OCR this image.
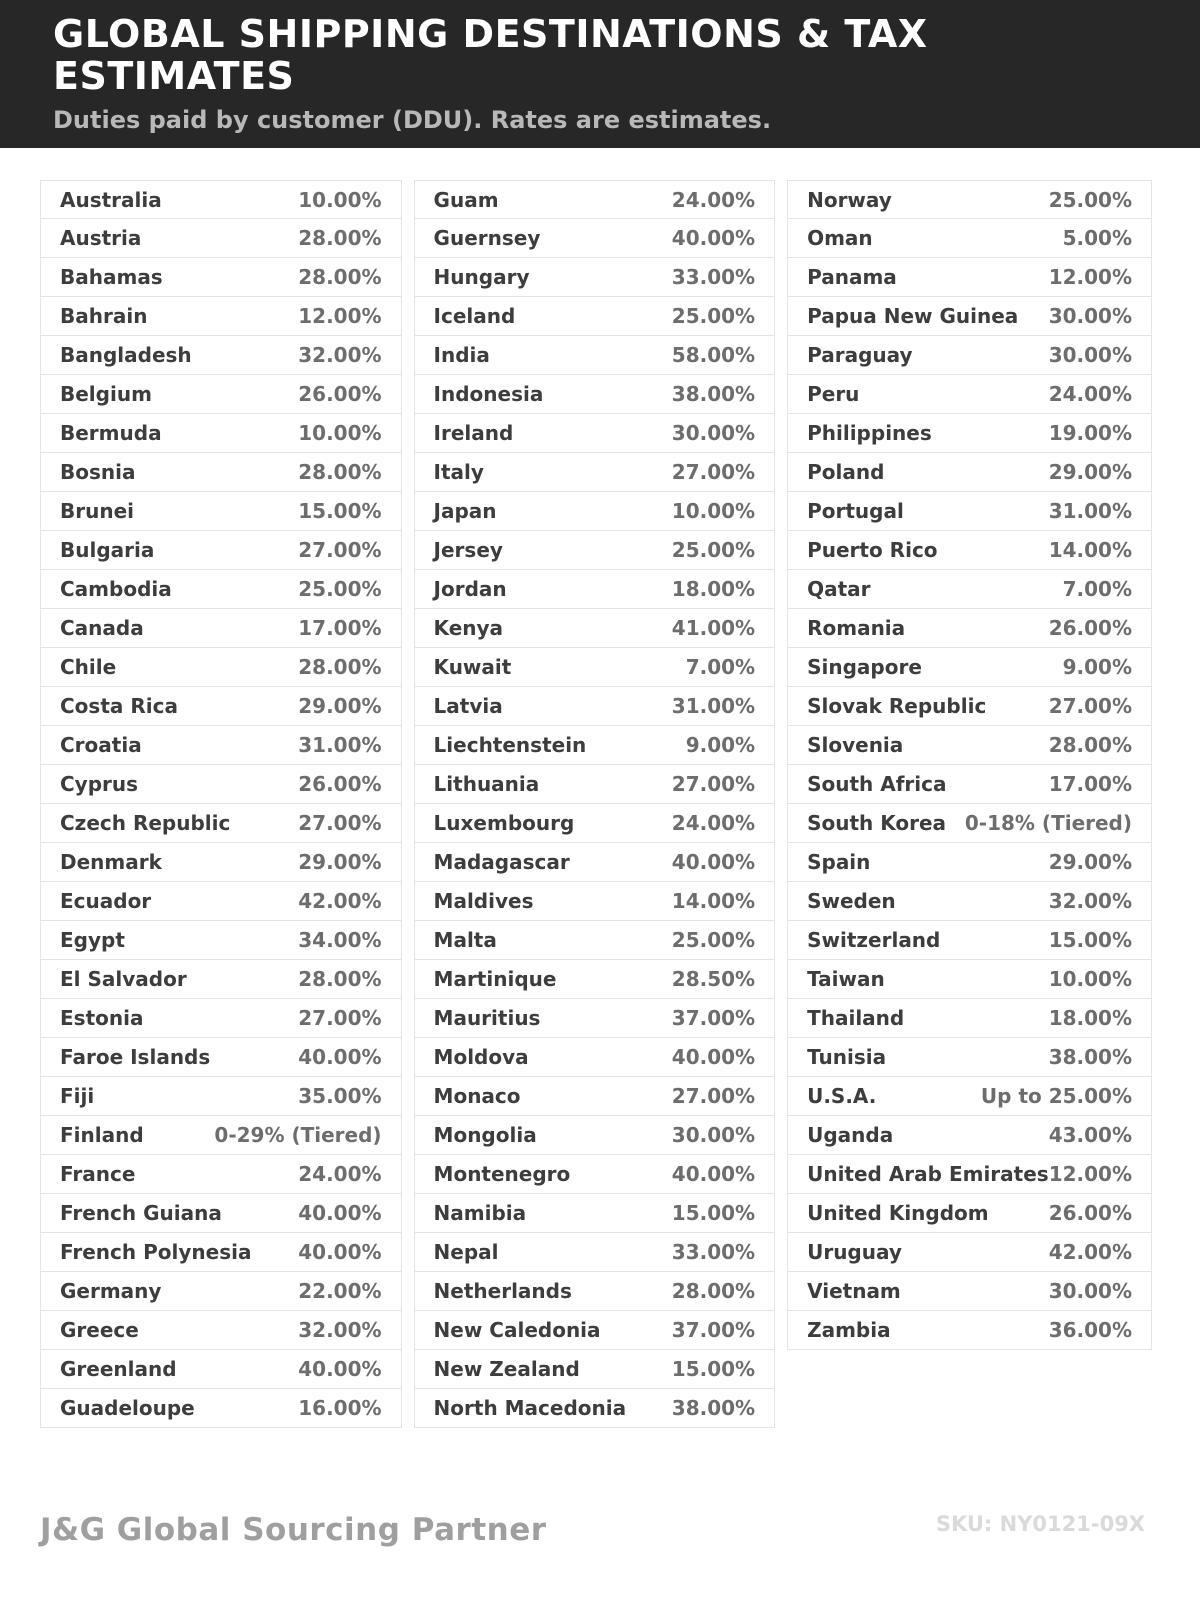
GLOBAL SHIPPING DESTINATIONS & TAX ESTIMATES
Duties paid by customer (DDU). Rates are estimates.
Australia	10.00%
Austria	28.00%
Bahamas	28.00%
Bahrain	12.00%
Bangladesh	32.00%
Belgium	26.00%
Bermuda	10.00%
Bosnia	28.00%
Brunei	15.00%
Bulgaria	27.00%
Cambodia	25.00%
Canada	17.00%
Chile	28.00%
Costa Rica	29.00%
Croatia	31.00%
Cyprus	26.00%
Czech Republic	27.00%
Denmark	29.00%
Ecuador	42.00%
Egypt	34.00%
El Salvador	28.00%
Estonia	27.00%
Faroe Islands	40.00%
Fiji	35.00%
Finland	0-29% (Tiered)
France	24.00%
French Guiana	40.00%
French Polynesia 40.00%
Germany	22.00%
Greece	32.00%
Greenland	40.00%
Guadeloupe	16.00%
Guam	24.00%
Guernsey	40.00%
Hungary	33.00%
Iceland	25.00%
India	58.00%
Indonesia	38.00%
Ireland	30.00%
Italy	27.00%
Japan	10.00%
Jersey	25.00%
Jordan	18.00%
Kenya	41.00%
Kuwait	7.00%
Latvia	31.00%
Liechtenstein	9.00%
Lithuania	27.00%
Luxembourg	24.00%
Madagascar	40.00%
Maldives	14.00%
Malta	25.00%
Martinique	28.50%
Mauritius	37.00%
Moldova	40.00%
Monaco	27.00%
Mongolia	30.00%
Montenegro	40.00%
Namibia	15.00%
Nepal	33.00%
Netherlands	28.00%
New Caledonia	37.00%
New Zealand	15.00%
North Macedonia 38.00%
Norway	25.00%
Oman	5.00%
Panama	12.00%
Papua New Guinea 30.00%
Paraguay	30.00%
Peru	24.00%
Philippines	19.00%
Poland	29.00%
Portugal	31.00%
Puerto Rico	14.00%
Qatar	7.00%
Romania	26.00%
Singapore	9.00%
Slovak Republic	27.00%
Slovenia	28.00%
South Africa	17.00%
South Korea 0-18% (Tiered)
Spain	29.00%
Sweden	32.00%
Switzerland	15.00%
Taiwan	10.00%
Thailand	18.00%
Tunisia	38.00%
U.S.A.	Up to 25.00%
Uganda	43.00%
United Arab Emirates 12.00%
United Kingdom	26.00%
Uruguay	42.00%
Vietnam	30.00%
Zambia	36.00%
J&G Global Sourcing Partner	SKU: NY0121-09X
